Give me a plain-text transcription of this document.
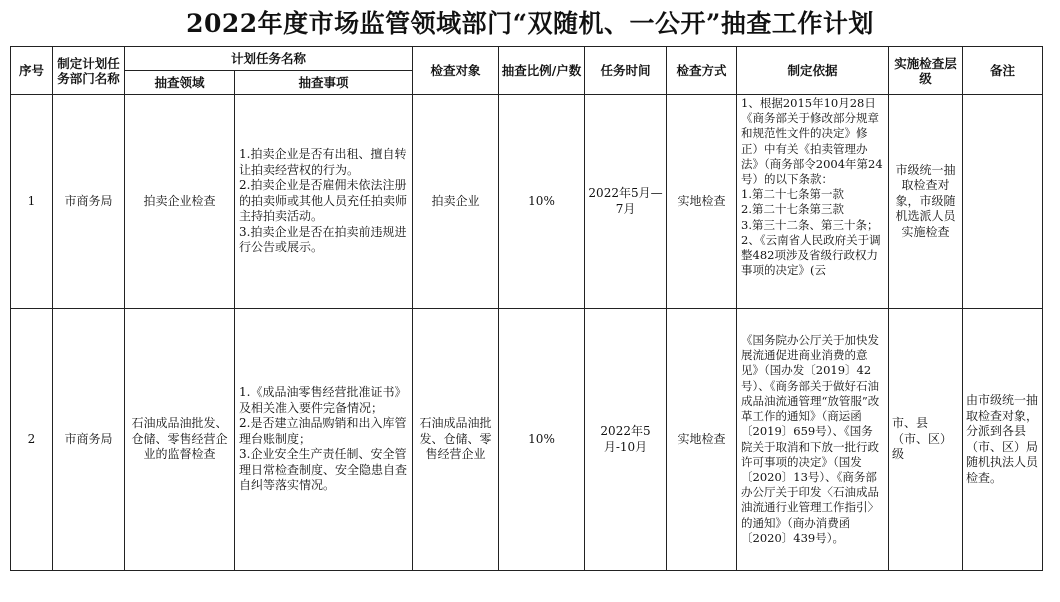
2022年度市场监管领域部门“双随机、一公开”抽查工作计划
序号	制定计划任务部门名称	计划任务名称		检查对象	抽查比例/户数	任务时间	检查方式	制定依据	实施检查层级	备注
		抽查领域	抽查事项							
1	市商务局	拍卖企业检查	1.拍卖企业是否有出租、擅自转让拍卖经营权的行为。
2.拍卖企业是否雇佣未依法注册的拍卖师或其他人员充任拍卖师主持拍卖活动。
3.拍卖企业是否在拍卖前违规进行公告或展示。	拍卖企业	10%	2022年5月—7月	实地检查	1、根据2015年10月28日《商务部关于修改部分规章和规范性文件的决定》修正）中有关《拍卖管理办法》（商务部令2004年第24号）的以下条款：
1.第二十七条第一款
2.第二十七条第三款
3.第三十二条、第三十条；
2、《云南省人民政府关于调整482项涉及省级行政权力事项的决定》(云	市级统一抽取检查对象，市级随机选派人员实施检查	
2	市商务局	石油成品油批发、仓储、零售经营企业的监督检查	1.《成品油零售经营批准证书》及相关准入要件完备情况；
2.是否建立油品购销和出入库管理台账制度；
3.企业安全生产责任制、安全管理日常检查制度、安全隐患自查自纠等落实情况。	石油成品油批发、仓储、零售经营企业	10%	2022年5月-10月	实地检查	《国务院办公厅关于加快发展流通促进商业消费的意见》（国办发〔2019〕42号）、《商务部关于做好石油成品油流通管理“放管服”改革工作的通知》（商运函〔2019〕659号）、《国务院关于取消和下放一批行政许可事项的决定》（国发〔2020〕13号）、《商务部办公厅关于印发〈石油成品油流通行业管理工作指引〉的通知》（商办消费函〔2020〕439号）。	市、县（市、区）级	由市级统一抽取检查对象，分派到各县（市、区）局随机执法人员检查。
